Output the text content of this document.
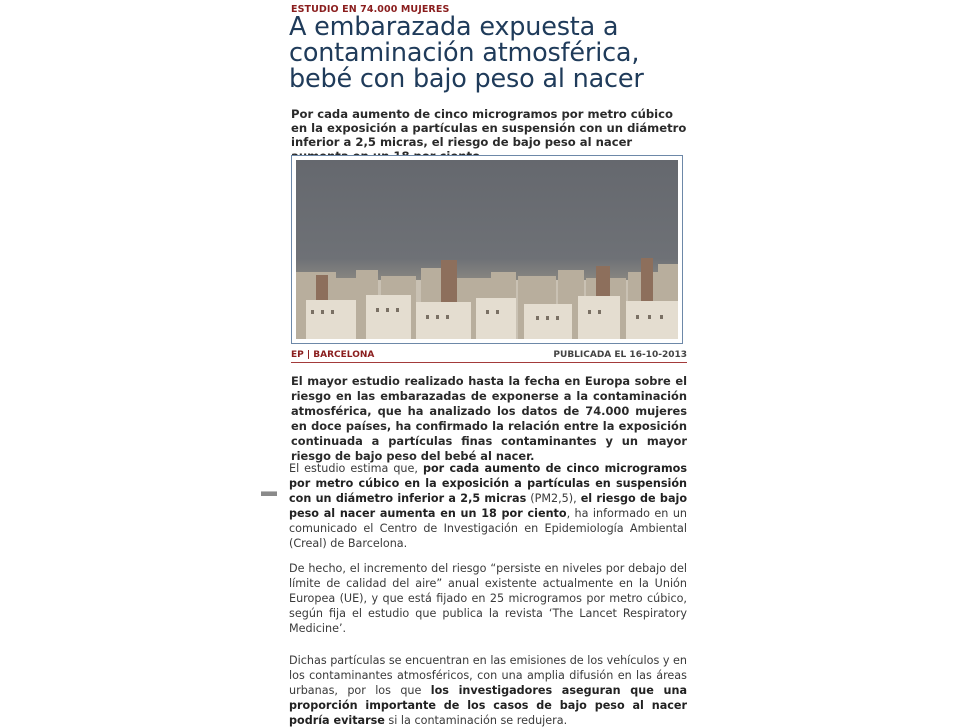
ESTUDIO EN 74.000 MUJERES
A embarazada expuesta a contaminación atmosférica, bebé con bajo peso al nacer

Por cada aumento de cinco microgramos por metro cúbico en la exposición a partículas en suspensión con un diámetro inferior a 2,5 micras, el riesgo de bajo peso al nacer

EP | BARCELONA	PUBLICADA EL 16-10-2013

El mayor estudio realizado hasta la fecha en Europa sobre el riesgo en las embarazadas de exponerse a la contaminación atmosférica, que ha analizado los datos de 74.000 mujeres en doce países, ha confirmado la relación entre la exposición continuada a partículas finas contaminantes y un mayor riesgo de bajo peso del bebé al nacer.

El estudio estima que, por cada aumento de cinco microgramos por metro cúbico en la exposición a partículas en suspensión con un diámetro inferior a 2,5 micras (PM2,5), el riesgo de bajo peso al nacer aumenta en un 18 por ciento, ha informado en un comunicado el Centro de Investigación en Epidemiología Ambiental (Creal) de Barcelona.

De hecho, el incremento del riesgo “persiste en niveles por debajo del límite de calidad del aire” anual existente actualmente en la Unión Europea (UE), y que está fijado en 25 microgramos por metro cúbico, según fija el estudio que publica la revista ‘The Lancet Respiratory Medicine’.

Dichas partículas se encuentran en las emisiones de los vehículos y en los contaminantes atmosféricos, con una amplia difusión en las áreas urbanas, por los que los investigadores aseguran que una proporción importante de los casos de bajo peso al nacer podría evitarse si la contaminación se redujera.
